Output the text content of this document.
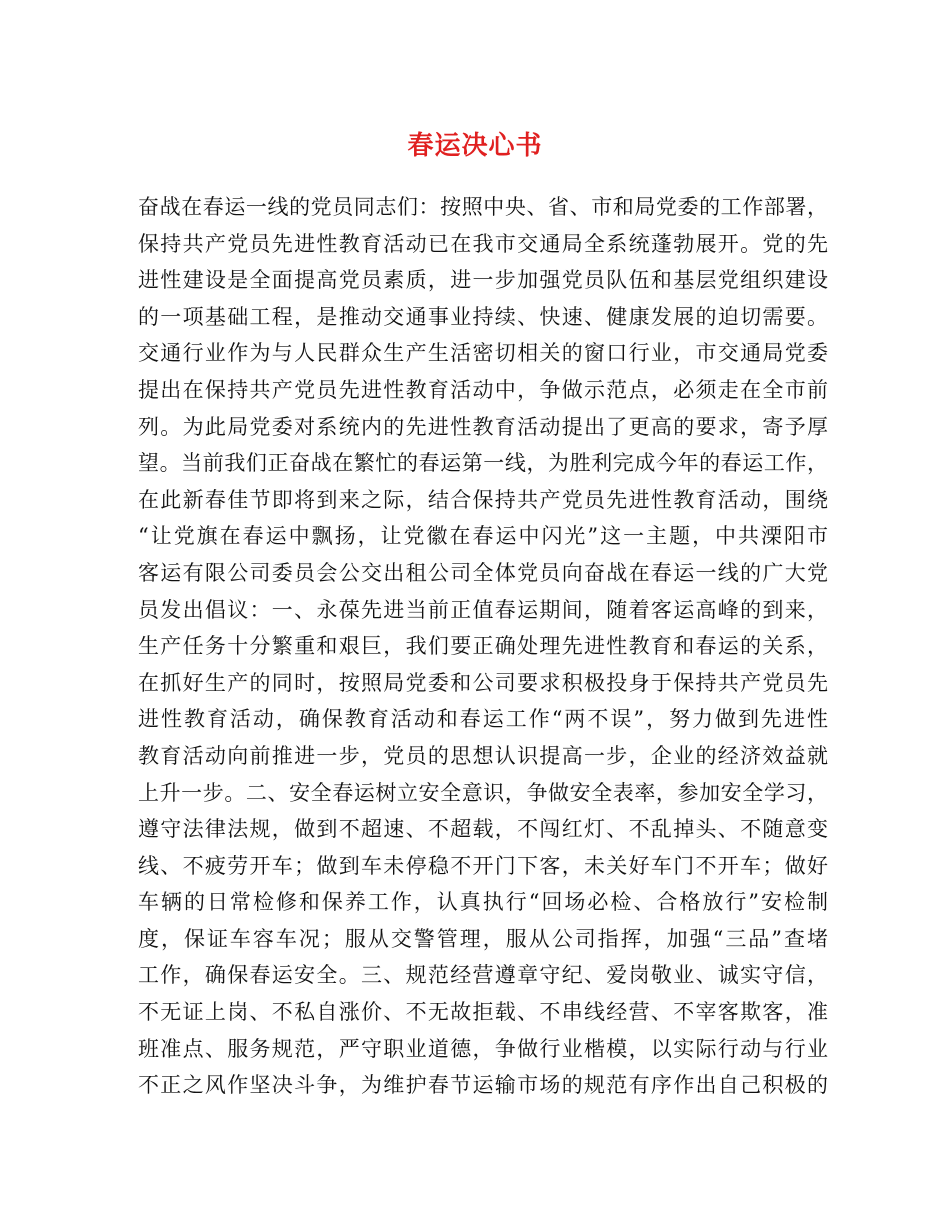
春运决心书
奋战在春运一线的党员同志们：按照中央、省、市和局党委的工作部署，
保持共产党员先进性教育活动已在我市交通局全系统蓬勃展开。党的先
进性建设是全面提高党员素质，进一步加强党员队伍和基层党组织建设
的一项基础工程，是推动交通事业持续、快速、健康发展的迫切需要。
交通行业作为与人民群众生产生活密切相关的窗口行业，市交通局党委
提出在保持共产党员先进性教育活动中，争做示范点，必须走在全市前
列。为此局党委对系统内的先进性教育活动提出了更高的要求，寄予厚
望。当前我们正奋战在繁忙的春运第一线，为胜利完成今年的春运工作，
在此新春佳节即将到来之际，结合保持共产党员先进性教育活动，围绕
“让党旗在春运中飘扬，让党徽在春运中闪光”这一主题，中共溧阳市
客运有限公司委员会公交出租公司全体党员向奋战在春运一线的广大党
员发出倡议：一、永葆先进当前正值春运期间，随着客运高峰的到来，
生产任务十分繁重和艰巨，我们要正确处理先进性教育和春运的关系，
在抓好生产的同时，按照局党委和公司要求积极投身于保持共产党员先
进性教育活动，确保教育活动和春运工作“两不误”，努力做到先进性
教育活动向前推进一步，党员的思想认识提高一步，企业的经济效益就
上升一步。二、安全春运树立安全意识，争做安全表率，参加安全学习，
遵守法律法规，做到不超速、不超载，不闯红灯、不乱掉头、不随意变
线、不疲劳开车；做到车未停稳不开门下客，未关好车门不开车；做好
车辆的日常检修和保养工作，认真执行“回场必检、合格放行”安检制
度，保证车容车况；服从交警管理，服从公司指挥，加强“三品”查堵
工作，确保春运安全。三、规范经营遵章守纪、爱岗敬业、诚实守信，
不无证上岗、不私自涨价、不无故拒载、不串线经营、不宰客欺客，准
班准点、服务规范，严守职业道德，争做行业楷模，以实际行动与行业
不正之风作坚决斗争，为维护春节运输市场的规范有序作出自己积极的
